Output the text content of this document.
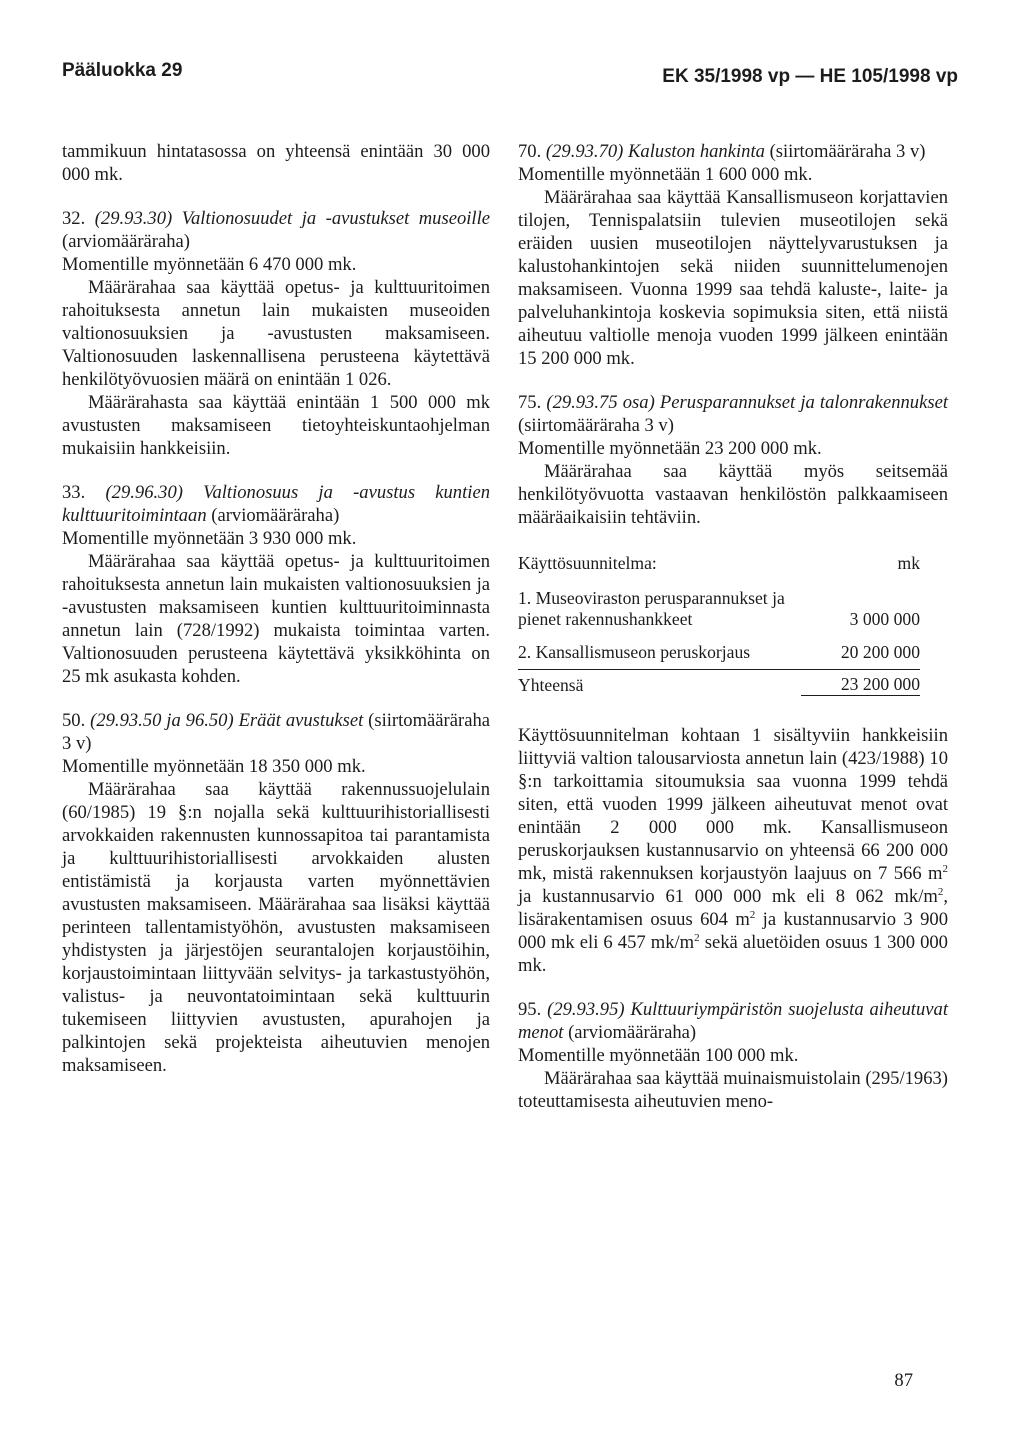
Pääluokka 29	EK 35/1998 vp — HE 105/1998 vp

tammikuun hintatasossa on yhteensä enintään 30 000 000 mk.

32. (29.93.30) Valtionosuudet ja -avustukset museoille (arviomääräraha)

Momentille myönnetään 6 470 000 mk.

Määrärahaa saa käyttää opetus- ja kulttuuritoimen rahoituksesta annetun lain mukaisten museoiden valtionosuuksien ja -avustusten maksamiseen. Valtionosuuden laskennallisena perusteena käytettävä henkilötyövuosien määrä on enintään 1 026.

Määrärahasta saa käyttää enintään 1 500 000 mk avustusten maksamiseen tietoyhteiskuntaohjelman mukaisiin hankkeisiin.

33. (29.96.30) Valtionosuus ja -avustus kuntien kulttuuritoimintaan (arviomääräraha)

Momentille myönnetään 3 930 000 mk.

Määrärahaa saa käyttää opetus- ja kulttuuritoimen rahoituksesta annetun lain mukaisten valtionosuuksien ja -avustusten maksamiseen kuntien kulttuuritoiminnasta annetun lain (728/1992) mukaista toimintaa varten. Valtionosuuden perusteena käytettävä yksikköhinta on 25 mk asukasta kohden.

50. (29.93.50 ja 96.50) Eräät avustukset (siirtomääräraha 3 v)

Momentille myönnetään 18 350 000 mk.

Määrärahaa saa käyttää rakennussuojelulain (60/1985) 19 §:n nojalla sekä kulttuurihistoriallisesti arvokkaiden rakennusten kunnossapitoa tai parantamista ja kulttuurihistoriallisesti arvokkaiden alusten entistämistä ja korjausta varten myönnettävien avustusten maksamiseen. Määrärahaa saa lisäksi käyttää perinteen tallentamistyöhön, avustusten maksamiseen yhdistysten ja järjestöjen seurantalojen korjaustöihin, korjaustoimintaan liittyvään selvitys- ja tarkastustyöhön, valistus- ja neuvontatoimintaan sekä kulttuurin tukemiseen liittyvien avustusten, apurahojen ja palkintojen sekä projekteista aiheutuvien menojen maksamiseen.

70. (29.93.70) Kaluston hankinta (siirtomääräraha 3 v)

Momentille myönnetään 1 600 000 mk.

Määrärahaa saa käyttää Kansallismuseon korjattavien tilojen, Tennispalatsiin tulevien museotilojen sekä eräiden uusien museotilojen näyttelyvarustuksen ja kalustohankintojen sekä niiden suunnittelumenojen maksamiseen. Vuonna 1999 saa tehdä kaluste-, laite- ja palveluhankintoja koskevia sopimuksia siten, että niistä aiheutuu valtiolle menoja vuoden 1999 jälkeen enintään 15 200 000 mk.

75. (29.93.75 osa) Perusparannukset ja talonrakennukset (siirtomääräraha 3 v)

Momentille myönnetään 23 200 000 mk.

Määrärahaa saa käyttää myös seitsemää henkilötyövuotta vastaavan henkilöstön palkkaamiseen määräaikaisiin tehtäviin.

Käyttösuunnitelma:	mk
1. Museoviraston perusparannukset ja pienet rakennushankkeet	3 000 000
2. Kansallismuseon peruskorjaus	20 200 000
Yhteensä	23 200 000

Käyttösuunnitelman kohtaan 1 sisältyviin hankkeisiin liittyviä valtion talousarviosta annetun lain (423/1988) 10 §:n tarkoittamia sitoumuksia saa vuonna 1999 tehdä siten, että vuoden 1999 jälkeen aiheutuvat menot ovat enintään 2 000 000 mk. Kansallismuseon peruskorjauksen kustannusarvio on yhteensä 66 200 000 mk, mistä rakennuksen korjaustyön laajuus on 7 566 $m^2$ ja kustannusarvio 61 000 000 mk eli 8 062 $mk/m^2$, lisärakentamisen osuus 604 $m^2$ ja kustannusarvio 3 900 000 mk eli 6 457 $mk/m^2$ sekä aluetöiden osuus 1 300 000 mk.

95. (29.93.95) Kulttuuriympäristön suojelusta aiheutuvat menot (arviomääräraha)

Momentille myönnetään 100 000 mk.

Määrärahaa saa käyttää muinaismuistolain (295/1963) toteuttamisesta aiheutuvien meno-

87
